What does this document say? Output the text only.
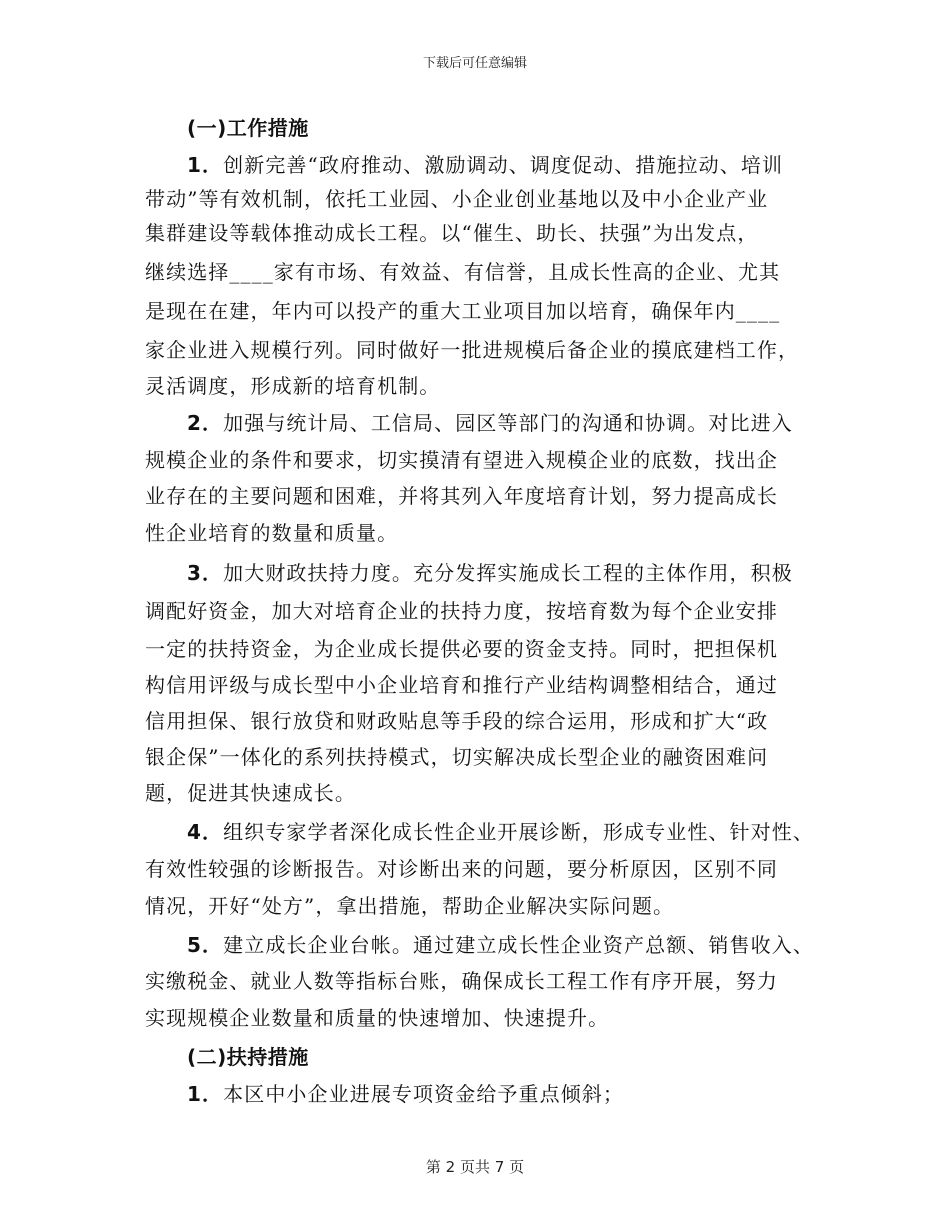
下载后可任意编辑
(一)工作措施
1．创新完善“政府推动、激励调动、调度促动、措施拉动、培训
带动”等有效机制，依托工业园、小企业创业基地以及中小企业产业
集群建设等载体推动成长工程。以“催生、助长、扶强”为出发点，
继续选择____家有市场、有效益、有信誉，且成长性高的企业、尤其
是现在在建，年内可以投产的重大工业项目加以培育，确保年内____
家企业进入规模行列。同时做好一批进规模后备企业的摸底建档工作，
灵活调度，形成新的培育机制。
2．加强与统计局、工信局、园区等部门的沟通和协调。对比进入
规模企业的条件和要求，切实摸清有望进入规模企业的底数，找出企
业存在的主要问题和困难，并将其列入年度培育计划，努力提高成长
性企业培育的数量和质量。
3．加大财政扶持力度。充分发挥实施成长工程的主体作用，积极
调配好资金，加大对培育企业的扶持力度，按培育数为每个企业安排
一定的扶持资金，为企业成长提供必要的资金支持。同时，把担保机
构信用评级与成长型中小企业培育和推行产业结构调整相结合，通过
信用担保、银行放贷和财政贴息等手段的综合运用，形成和扩大“政
银企保”一体化的系列扶持模式，切实解决成长型企业的融资困难问
题，促进其快速成长。
4．组织专家学者深化成长性企业开展诊断，形成专业性、针对性、
有效性较强的诊断报告。对诊断出来的问题，要分析原因，区别不同
情况，开好“处方”，拿出措施，帮助企业解决实际问题。
5．建立成长企业台帐。通过建立成长性企业资产总额、销售收入、
实缴税金、就业人数等指标台账，确保成长工程工作有序开展，努力
实现规模企业数量和质量的快速增加、快速提升。
(二)扶持措施
1．本区中小企业进展专项资金给予重点倾斜；
第 2 页共 7 页
